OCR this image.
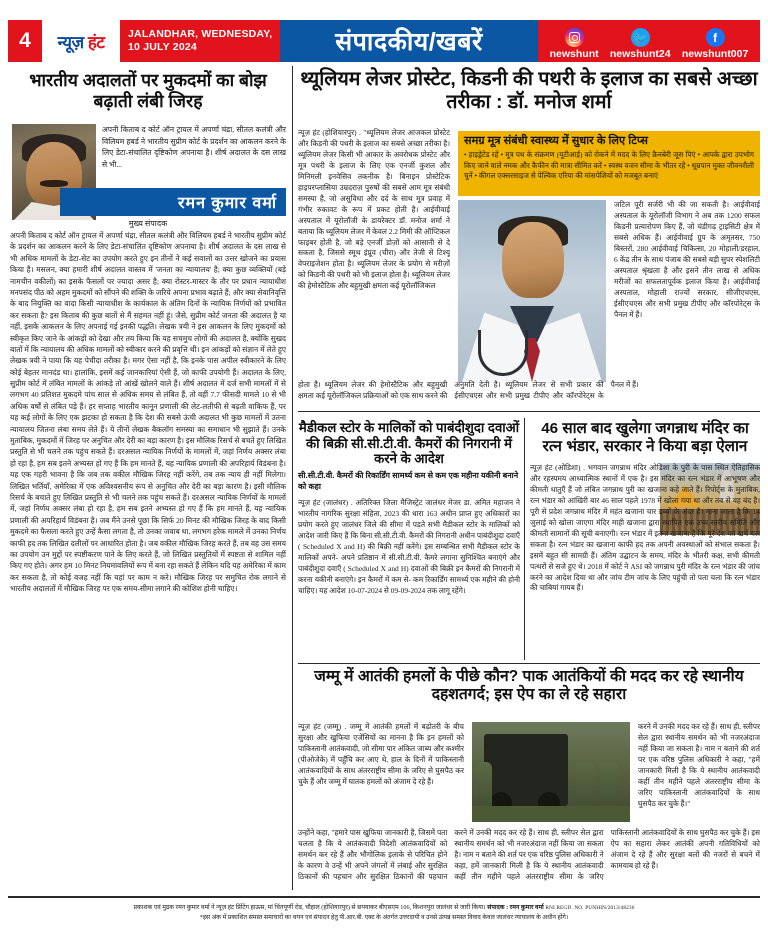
4	न्यूज़ हंट JALANDHAR, WEDNESDAY,
10 JULY 2024	संपादकीय/खबरें	newshunt
🐦
newshunt24
f
newshunt007
भारतीय अदालतों पर मुकदमों का बोझ बढ़ाती लंबी जिरह
अपनी किताब द कोर्ट ऑन ट्रायल में अपर्णा चंद्रा, सीतल कलंत्री और विलियम हबर्ड ने भारतीय सुप्रीम कोर्ट के प्रदर्शन का आकलन करने के लिए डेटा-संचालित दृष्टिकोण अपनाया है। शीर्ष अदालत के दस लाख से भी...
रमन कुमार वर्मा
मुख्य संपादक
अपनी किताब द कोर्ट ऑन ट्रायल में अपर्णा चंद्रा, सीतल कलंत्री और विलियम हबर्ड ने भारतीय सुप्रीम कोर्ट के प्रदर्शन का आकलन करने के लिए डेटा-संचालित दृष्टिकोण अपनाया है। शीर्ष अदालत के दस लाख से भी अधिक मामलों के डेटा-सेट का उपयोग करते हुए इन तीनों ने कई सवालों का उत्तर खोजने का प्रयास किया है। मसलन, क्या हमारी शीर्ष अदालत वास्तव में 'जनता का न्यायालय' है; क्या कुछ व्यक्तियों (बड़े नामचीन वकीलों) का इसके फैसलों पर ज्यादा असर है; क्या रोस्टर-मास्टर के तौर पर प्रधान न्यायाधीश मनपसंद पीठ को अहम मुकदमों को सौंपने की शक्ति के जरिये अपना प्रभाव बढ़ाते हैं; और क्या सेवानिवृत्ति के बाद नियुक्ति का वादा किसी न्यायाधीश के कार्यकाल के अंतिम दिनों के न्यायिक निर्णयों को प्रभावित कर सकता है? इस किताब की कुछ बातों से मैं सहमत नहीं हूं। जैसे, सुप्रीम कोर्ट जनता की अदालत है या नहीं, इसके आकलन के लिए अपनाई गई इनकी पद्धति। लेखक त्रयी ने इस आकलन के लिए मुकदमों को स्वीकृत किए जाने के आंकड़ों को देखा और तय किया कि यह सचमुच लोगों की अदालत है, क्योंकि सुखद बातों में कि न्यायालय की अधिक मामलों को स्वीकार करने की प्रवृत्ति थी। इन आंकड़ों को संज्ञान में लेते हुए लेखक त्रयी ने पाया कि यह पेचीदा तरीका है। मगर ऐसा नहीं है, कि इनके पास अपील स्वीकारने के लिए कोई बेहतर मानदंड था। हालांकि, इसमें कई जानकारियां ऐसी हैं, जो काफी उपयोगी हैं। अदालत के लिए, सुप्रीम कोर्ट में लंबित मामलों के आंकड़े तो आंखें खोलने वाले हैं। शीर्ष अदालत में दर्ज सभी मामलों में से लगभग 40 प्रतिशत मुकदमे पांच साल से अधिक समय से लंबित हैं, तो वहीं 7.7 फीसदी मामले 10 से भी अधिक वर्षों से लंबित पड़े हैं। हर सप्ताह भारतीय कानून प्रणाली की लेट-लतीफी से बढ़ती वाकिफ हैं, पर यह कई लोगों के लिए एक झटका हो सकता है कि देश की सबसे ऊंची अदालत भी कुछ मामलों में उतना न्यायालय जितना लंबा समय लेते हैं। ये तीनों लेखक बैकलॉग समस्या का समाधान भी सुझाते हैं। उनके मुताबिक, मुकदमों में जिरह पर अनुचित और देरी का बड़ा कारण है। इस मौलिक रिसर्च से बचते हुए लिखित प्रस्तुति से भी चलने तक पहुंच सकते हैं। दरअसल न्यायिक निर्णयों के मामलों में, जहां निर्णय अक्सर लंबा हो रहा है, हम सब इतने अभ्यस्त हो गए हैं कि हम मानते हैं, यह न्यायिक प्रणाली की अपरिहार्य विडंबना है। यह एक गहरी भावना है कि जब तक वकील मौखिक जिरह नहीं करेंगे, तब तक न्याय ही नहीं मिलेगा। लिखित भर्तियाँ, अमेरिका में एक अविश्वसनीय रूप से अनुचित और देरी का बड़ा कारण है। इसी मौलिक रिसर्च के बचाते हुए लिखित प्रस्तुति से भी चलने तक पहुंच सकते हैं। दरअसल न्यायिक निर्णयों के मामलों में, जहां निर्णय अक्सर लंबा हो रहा है, हम सब इतने अभ्यस्त हो गए हैं कि हम मानते हैं, यह न्यायिक प्रणाली की अपरिहार्य विडंबना है। जब मैंने उनसे पूछा कि सिर्फ 20 मिनट की मौखिक जिरह के बाद किसी मुकदमे का फैसला करते हुए उन्हें कैसा लगता है, तो उनका जवाब था, लगभग हरेक मामले में उनका निर्णय काफी हद तक लिखित दलीलों पर आधारित होता है। जब वकील मौखिक जिरह करते हैं, तब वह उस समय का उपयोग उन मुद्दों पर स्पष्टीकरण पाने के लिए करते हैं, जो लिखित प्रस्तुतियों में स्पष्टता से शामिल नहीं किए गए होते। अगर हम 10 मिनट नियमावलियों रूप में बना रहा सकते हैं लेकिन यदि यह अमेरिका में काम कर सकता है, तो कोई वजह नहीं कि यहां पर काम न करे। मौखिक जिरह पर समुचित रोक लगाने से भारतीय अदालतों में मौखिक जिरह पर एक समय-सीमा लगाने की कोशिश होनी चाहिए।
थ्यूलियम लेजर प्रोस्टेट, किडनी की पथरी के इलाज का सबसे अच्छा तरीका : डॉ. मनोज शर्मा
न्यूज़ हंट (होशियारपुर) . "थ्यूलियम लेजर आजकल प्रोस्टेट और किडनी की पथरी के इलाज का सबसे अच्छा तरीका है। थ्यूलियम लेजर किसी भी आकार के अवरोधक प्रोस्टेट और मूत्र पथरी के इलाज के लिए एक एनर्जी कुशल और मिनिमली इनवेसिव तकनीक है। बिनाइन प्रोस्टेटिक हाइपरप्लासिया उम्रदराज़ पुरुषों की सबसे आम मूत्र संबंधी समस्या है, जो असुविधा और दर्द के साथ मूत्र प्रवाह में गंभीर रुकावट के रूप में प्रकट होती है। आईवीवाई अस्पताल में यूरोलॉजी के डायरेक्टर डॉ. मनोज शर्मा ने बताया कि थ्यूलियम लेजर में केवल 2.2 मिमी की ऑप्टिकल फाइबर होती है, जो बड़े एनर्जी डोज़ों को आसानी से दे सकता है, जिससे स्मूथ इंप्रूव (चीरा) और तेजी से टिश्यू वेपराइजेशन होता है। थ्यूलियम लेजर के प्रयोग से मरीज़ों को किडनी की पथरी को भी इलाज होता है। थ्यूलियम लेजर की हेमोस्टैटिक और बहुमुखी क्षमता कई यूरोलॉजिकल
समग्र मूत्र संबंधी स्वास्थ्य में सुधार के लिए टिप्स
• हाइड्रेटेड रहें • मूत्र पथ के संक्रमण (यूटीआई) को रोकने में मदद के लिए क्रैनबेरी जूस पिएं • आपके द्वारा उपभोग किए जाने वाले नमक और कैफीन की मात्रा सीमित करें • स्वस्थ वजन सीमा के भीतर रहें • धूम्रपान मुक्त जीवनशैली चुनें • कीगल एक्सरसाइज से पेल्विक एरिया की मांसपेशियों को मजबूत बनाएं
जटिल पूरी सर्जरी भी की जा सकती है। आईवीवाई अस्पताल के यूरोलॉजी विभाग ने अब तक 1200 सफल किडनी प्रत्यारोपण किए हैं, जो चंडीगढ़ ट्राइसिटी क्षेत्र में सबसे अधिक हैं। आईवीवाई ग्रुप के अमृतसर, 750 बिस्तरों, 280 आईवीवाई चिकित्सा, 20 मोहाली/डरहाल, 6 केंद्र तीन के साथ पंजाब की सबसे बड़ी सुपर स्पेशलिटी अस्पताल श्रृंखला है और इसने तीन लाख से अधिक मरीजों का सफलतापूर्वक इलाज किया है। आईवीवाई अस्पताल, मोहाली राज्यों सरकार, सीजीएचएस, ईसीएचएस और सभी प्रमुख टीपीए और कॉरपोरेट्स के पैनल में हैं।
होता है। थ्यूलियम लेजर की हेमोस्टैटिक और बहुमुखी क्षमता कई यूरोलॉजिकल प्रक्रियाओं को एक साथ करने की अनुमति देती है। थ्यूलियम लेजर से सभी प्रकार की ईसीएचएस और सभी प्रमुख टीपीए और कॉरपोरेट्स के पैनल में हैं।
मैडीकल स्टोर के मालिकों को पाबंदीशुदा दवाओं की बिक्री सी.सी.टी.वी. कैमरों की निगरानी में करने के आदेश
सी.सी.टी.वी. कैमरों की रिकार्डिंग सामर्थ्य कम से कम एक महीना यकीनी बनाने को कहा
न्यूज़ हंट (जालंधर) . अतिरिक्त जिला मैजिस्ट्रेट जालंधर मेजर डा. अमित महाजन ने भारतीय नागरिक सुरक्षा संहिता, 2023 की धारा 163 अधीन प्राप्त हुए अधिकारों का प्रयोग करते हुए जालंधर जिले की सीमा में पड़ते सभी मैडीकल स्टोर के मालिकों को आदेश जारी किए हैं कि बिना सी.सी.टी.वी. कैमरों की निगरानी अधीन पाबंदीशुदा दवाएँ ( Scheduled X and H) की बिक्री नहीं करेंगे। इस सम्बन्धित सभी मैडीकल स्टोर के मालिकों अपने- अपने प्रतिष्ठान में सी.सी.टी.वी. कैमरे लगाना सुनिश्चित बनाएंगे और पाबंदीशुदा दवाएँ ( Scheduled X and H) दवाओं की बिक्री इन कैमरों की निगरानी में करना यकीनी बनाएंगे। इन कैमरों में कम से- कम रिकार्डिंग सामर्थ्य एक महीने की होनी चाहिए। यह आदेश 10-07-2024 से 09-09-2024 तक लागू रहेंगे।
46 साल बाद खुलेगा जगन्नाथ मंदिर का रत्न भंडार, सरकार ने किया बड़ा ऐलान
न्यूज़ हंट (ओडिशा) . भगवान जगन्नाथ मंदिर ओडिशा के पुरी के पास स्थित ऐतिहासिक और रहस्यमय आध्यात्मिक स्थानों में एक है। इस मंदिर का रत्न भंडार में आभूषण और कीमती धातुएँ हैं जो लंबित जगन्नाथ पुरी का खजाना कहे जाते हैं। रिपोर्ट्स के मुताबिक, रत्न भंडार को आखिरी बार 46 साल पहले 1978 में खोला गया था और तब से यह बंद है। पूरी से प्रदेश जगन्नाथ मंदिर में महंत खजाना चार डब्बों के अंदर है। माना जाता है कि 14 जुलाई को खोला जाएगा मंदिर माही खजाना द्वारा स्थापित एक उच्च स्तरीय समिति और कीमती सामानों की सूची बनाएगी। रत्न भंडार में इतना खजाना है कि पूरे देश का खर्च चल सकता है। रत्न भंडार का खजाना काफी हद तक अपनी अवस्थाओं को संभाल सकता है। इसमें बहुत सी सामग्री हैं। अंतिम उद्घाटन के समय, मंदिर के भीतरी कक्ष, सभी कीमती पत्थरों से सजे हुए थे। 2018 में कोर्ट ने ASI को जगन्नाथ पुरी मंदिर के रत्न भंडार की जांच करने का आदेश दिया था और जांच टीम जांच के लिए पहुंची तो पता चला कि रत्न भंडार की चाबियां गायब हैं।
जम्मू में आतंकी हमलों के पीछे कौन? पाक आतंकियों की मदद कर रहे स्थानीय दहशतगर्द; इस ऐप का ले रहे सहारा
न्यूज़ हंट (जम्मू) . जम्मू में आतंकी हमलों में बढ़ोतरी के बीच सुरक्षा और खुफिया एजेंसियों का मानना है कि इन हमलों को पाकिस्तानी आतंकवादी, जो सीमा पार अंकित जाब्य और कश्मीर (पीओजेके) में पहुँचि कर आए थे, हाल के दिनों में पाकिस्तानी आतंकवादियों के साथ अंतरराष्ट्रीय सीमा के जरिए से घुसपैठ कर चुके हैं और जम्मू में घातक हमलों को अंजाम दे रहे हैं।
करने में उनकी मदद कर रहे हैं। साथ ही, स्लीपर सेल द्वारा स्थानीय समर्थन को भी नजरअंदाज नहीं किया जा सकता है। नाम न बताने की शर्त पर एक वरिष्ठ पुलिस अधिकारी ने कहा, "हमें जानकारी मिली है कि ये स्थानीय आतंकवादी कहीं तीन महीने पहले अंतरराष्ट्रीय सीमा के जरिए पाकिस्तानी आतंकवादियों के साथ घुसपैठ कर चुके हैं।"
उन्होंने कहा, "हमारे पास खुफिया जानकारी है, जिसमें पता चलता है कि ये आतंकवादी विदेशी आतंकवादियों को समर्थन कर रहे हैं और भौगोलिक इलाके से परिचित होने के कारण वे उन्हें भी अपने जंगलों में लंबाई और सुरक्षित ठिकानों की पहचान और सुरक्षित ठिकानों की पहचान करने में उनकी मदद कर रहे हैं। साथ ही, स्लीपर सेल द्वारा स्थानीय समर्थन को भी नजरअंदाज नहीं किया जा सकता है। नाम न बताने की शर्त पर एक वरिष्ठ पुलिस अधिकारी ने कहा, हमें जानकारी मिली है कि ये स्थानीय आतंकवादी कहीं तीन महीने पहले अंतरराष्ट्रीय सीमा के जरिए पाकिस्तानी आतंकवादियों के साथ घुसपैठ कर चुके हैं। इस ऐप का सहारा लेकर आतंकी अपनी गतिविधियों को अंजाम दे रहे हैं और सुरक्षा बलों की नजरों से बचने में कामयाब हो रहे हैं।
प्रकाशक एवं मुद्रक रमन कुमार वर्मा ने न्यूज़ हंट प्रिंटिंग हाऊस, मां चिंतपूर्णी रोड, चौहाल (होशियारपुर) से छपवाकर बीएसएम 106, किशनपुरा जालंधर से जारी किया। संपादक : रमन कुमार वर्मा RNI REGD. NO. PUNHIN/2013/48236
*इस अंक में प्रकाशित समस्त समाचारों का चयन एवं संपादन हेतु पी.आर.बी. एक्ट के अंतर्गत उत्तरदायी व उनसे उत्पन्न समस्त विवाद केवल जालंधर न्यायालय के अधीन होंगे।
